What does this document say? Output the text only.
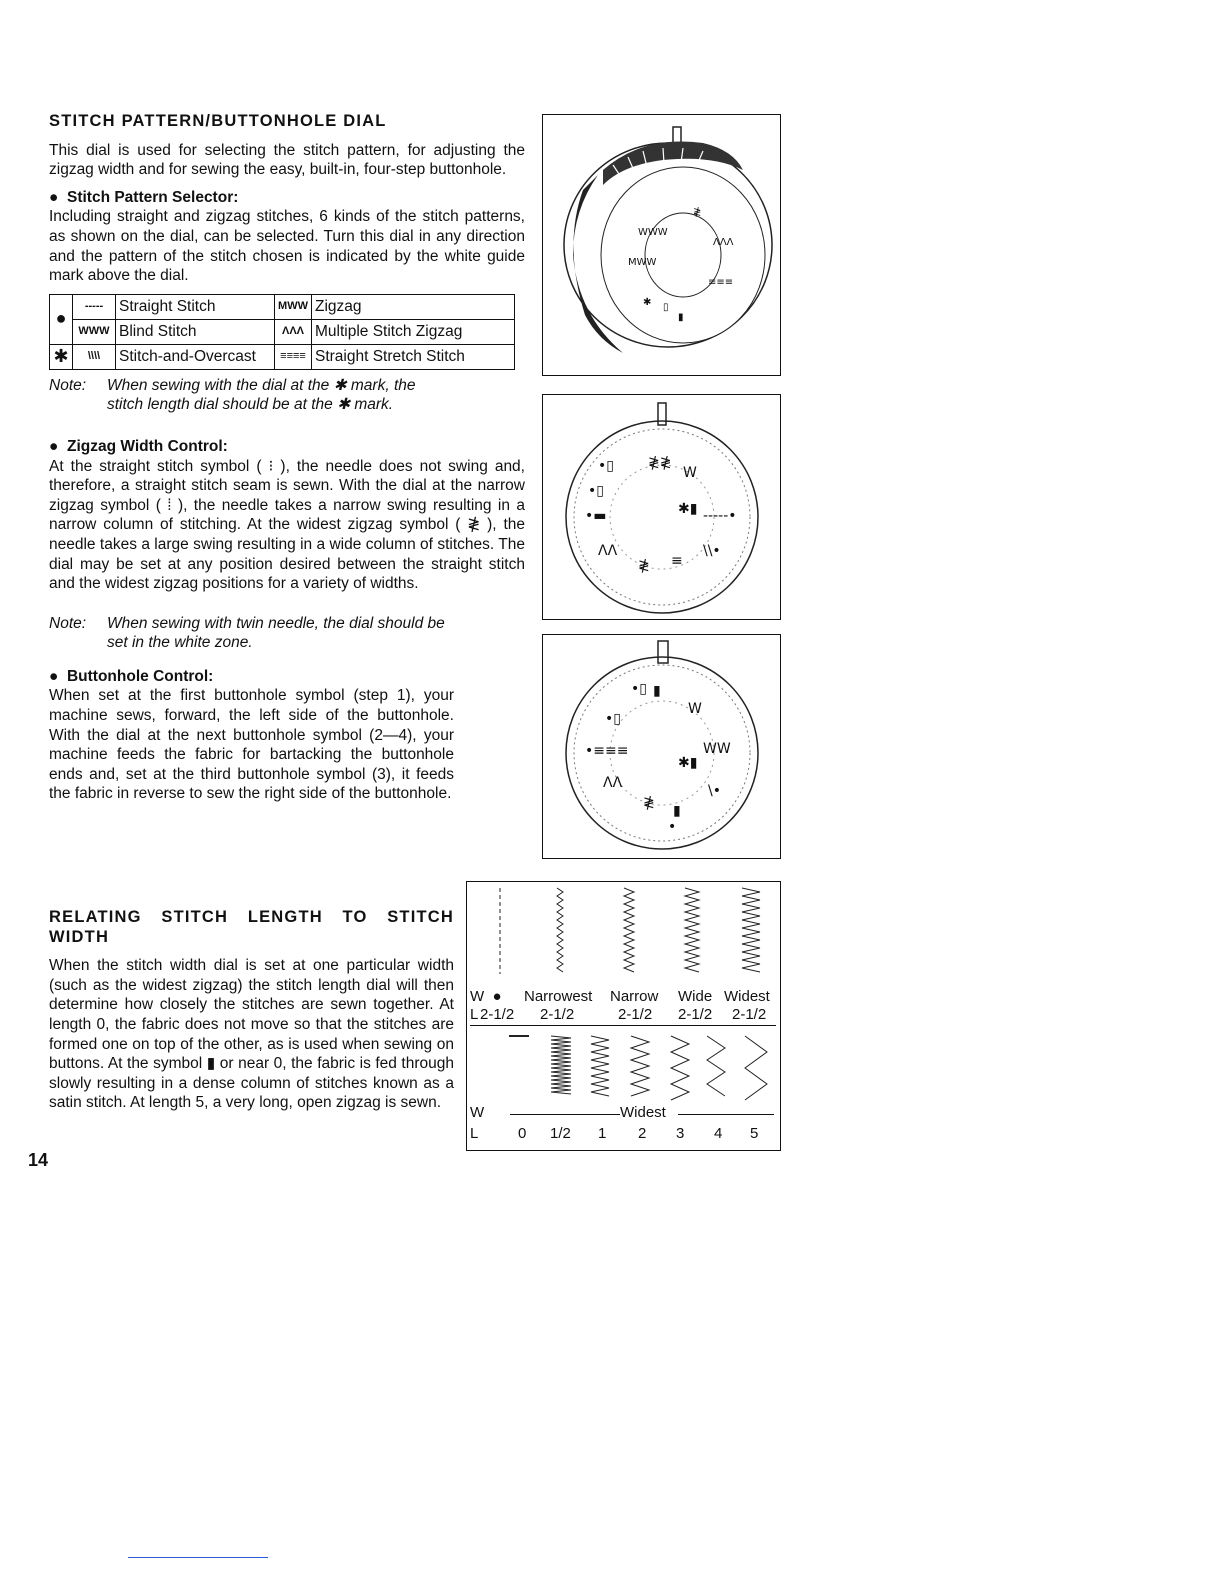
STITCH PATTERN/BUTTONHOLE DIAL

This dial is used for selecting the stitch pattern, for adjusting the zigzag width and for sewing the easy, built-in, four-step buttonhole.

●  Stitch Pattern Selector:

Including straight and zigzag stitches, 6 kinds of the stitch patterns, as shown on the dial, can be selected. Turn this dial in any direction and the pattern of the stitch chosen is indicated by the white guide mark above the dial.

●	-----	Straight Stitch	MWW	Zigzag
	WWW	Blind Stitch	ΛΛΛ	Multiple Stitch Zigzag
✱	\\\\	Stitch-and-Overcast	≡≡≡≡	Straight Stretch Stitch
Note: When sewing with the dial at the ✱ mark, the
stitch length dial should be at the ✱ mark.

●  Zigzag Width Control:

At the straight stitch symbol ( ⁝ ), the needle does not swing and, therefore, a straight stitch seam is sewn. With the dial at the narrow zigzag symbol ( ⁞ ), the needle takes a narrow swing resulting in a narrow column of stitching. At the widest zigzag symbol ( ≹ ), the needle takes a large swing resulting in a wide column of stitches. The dial may be set at any position desired between the straight stitch and the widest zigzag positions for a variety of widths.

Note: When sewing with twin needle, the dial should be
set in the white zone.

●  Buttonhole Control:

When set at the first buttonhole symbol (step 1), your machine sews, forward, the left side of the buttonhole. With the dial at the next buttonhole symbol (2—4), your machine feeds the fabric for bartacking the buttonhole ends and, set at the third buttonhole symbol (3), it feeds the fabric in reverse to sew the right side of the buttonhole.

RELATING STITCH LENGTH TO STITCH
WIDTH

When the stitch width dial is set at one particular width (such as the widest zigzag) the stitch length dial will then determine how closely the stitches are sewn together. At length 0, the fabric does not move so that the stitches are formed one on top of the other, as is used when sewing on buttons. At the symbol ▮ or near 0, the fabric is fed through slowly resulting in a dense column of stitches known as a satin stitch. At length 5, a very long, open zigzag is sewn.

14
WWW
≹
ΛΛΛ
MWW
≡≡≡
✱
▮
▯
•▯ ≹≹
W
•▯
✱▮ -----•
•▬
ΛΛ
≹ ≡
\\•
•▯ ▮
W
•▯
WW
✱▮
•≡≡≡
ΛΛ
≹ ▮
\•
•
W  ● Narrowest Narrow Wide Widest
L 2-1/2 2-1/2	2-1/2 2-1/2 2-1/2
W	Widest
L	0 1/2 1 2 3 4 5
